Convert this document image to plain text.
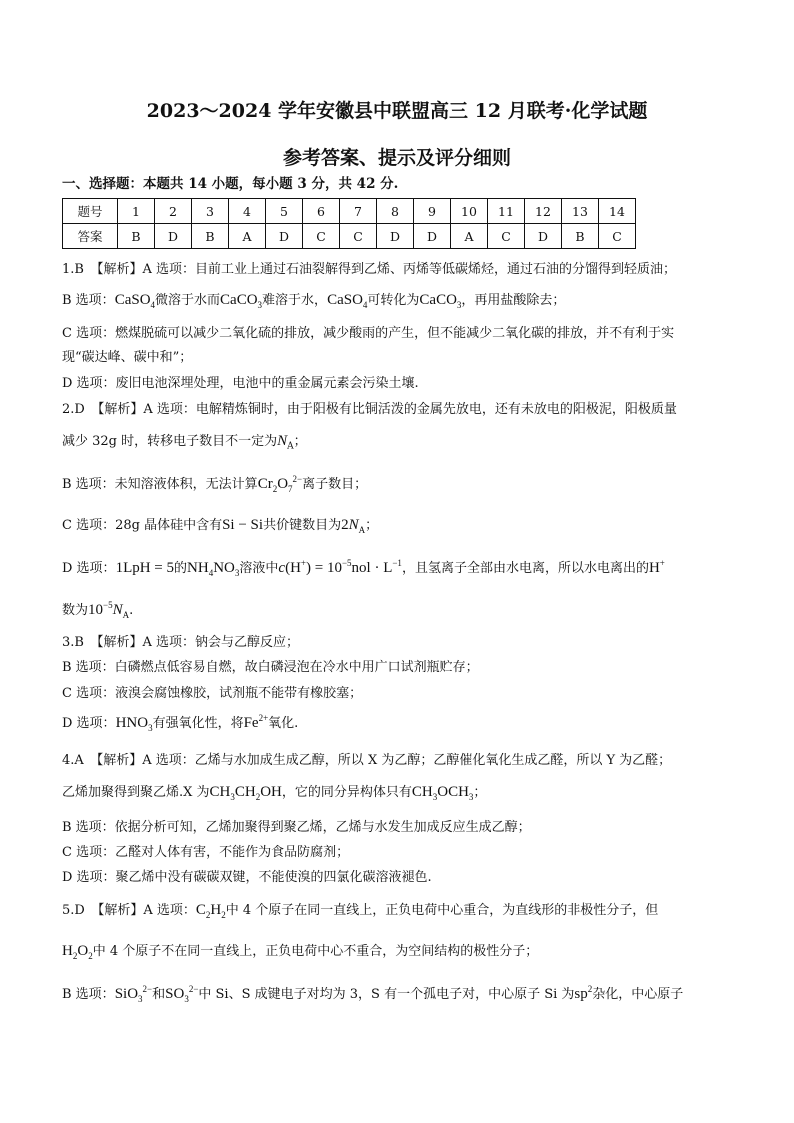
2023～2024 学年安徽县中联盟高三 12 月联考·化学试题
参考答案、提示及评分细则
一、选择题：本题共 14 小题，每小题 3 分，共 42 分.
题号	1	2	3	4	5	6	7	8	9	10	11	12	13	14
答案	B	D	B	A	D	C	C	D	D	A	C	D	B	C
1.B　【解析】A 选项：目前工业上通过石油裂解得到乙烯、丙烯等低碳烯烃，通过石油的分馏得到轻质油；
B 选项：CaSO$_4$微溶于水而CaCO$_3$难溶于水，CaSO$_4$可转化为CaCO$_3$，再用盐酸除去；
C 选项：燃煤脱硫可以减少二氧化硫的排放，减少酸雨的产生，但不能减少二氧化碳的排放，并不有利于实
现“碳达峰、碳中和”；
D 选项：废旧电池深埋处理，电池中的重金属元素会污染土壤.
2.D　【解析】A 选项：电解精炼铜时，由于阳极有比铜活泼的金属先放电，还有未放电的阳极泥，阳极质量
减少 32g 时，转移电子数目不一定为$N_A$；
B 选项：未知溶液体积，无法计算$Cr_2O_7^{2-}$离子数目；
C 选项：28g 晶体硅中含有Si − Si共价键数目为$2N_A$；
D 选项：1LpH = 5的$NH_4NO_3$溶液中$c(H^+) = 10^{-5}nol \cdot L^{-1}$，且氢离子全部由水电离，所以水电离出的H+
数为$10^{-5}N_A$.
3.B　【解析】A 选项：钠会与乙醇反应；
B 选项：白磷燃点低容易自燃，故白磷浸泡在冷水中用广口试剂瓶贮存；
C 选项：液溴会腐蚀橡胶，试剂瓶不能带有橡胶塞；
D 选项：$HNO_3$有强氧化性，将$Fe^{2+}$氧化.
4.A　【解析】A 选项：乙烯与水加成生成乙醇，所以 X 为乙醇；乙醇催化氧化生成乙醛，所以 Y 为乙醛；
乙烯加聚得到聚乙烯.X 为$CH_3CH_2OH$，它的同分异构体只有$CH_3OCH_3$；
B 选项：依据分析可知，乙烯加聚得到聚乙烯，乙烯与水发生加成反应生成乙醇；
C 选项：乙醛对人体有害，不能作为食品防腐剂；
D 选项：聚乙烯中没有碳碳双键，不能使溴的四氯化碳溶液褪色.
5.D　【解析】A 选项：$C_2H_2$中 4 个原子在同一直线上，正负电荷中心重合，为直线形的非极性分子，但
$H_2O_2$中 4 个原子不在同一直线上，正负电荷中心不重合，为空间结构的极性分子；
B 选项：SiO$_3^{2-}$和$SO_3^{2-}$中 Si、S 成键电子对均为 3，S 有一个孤电子对，中心原子 Si 为$sp^2$杂化，中心原子
